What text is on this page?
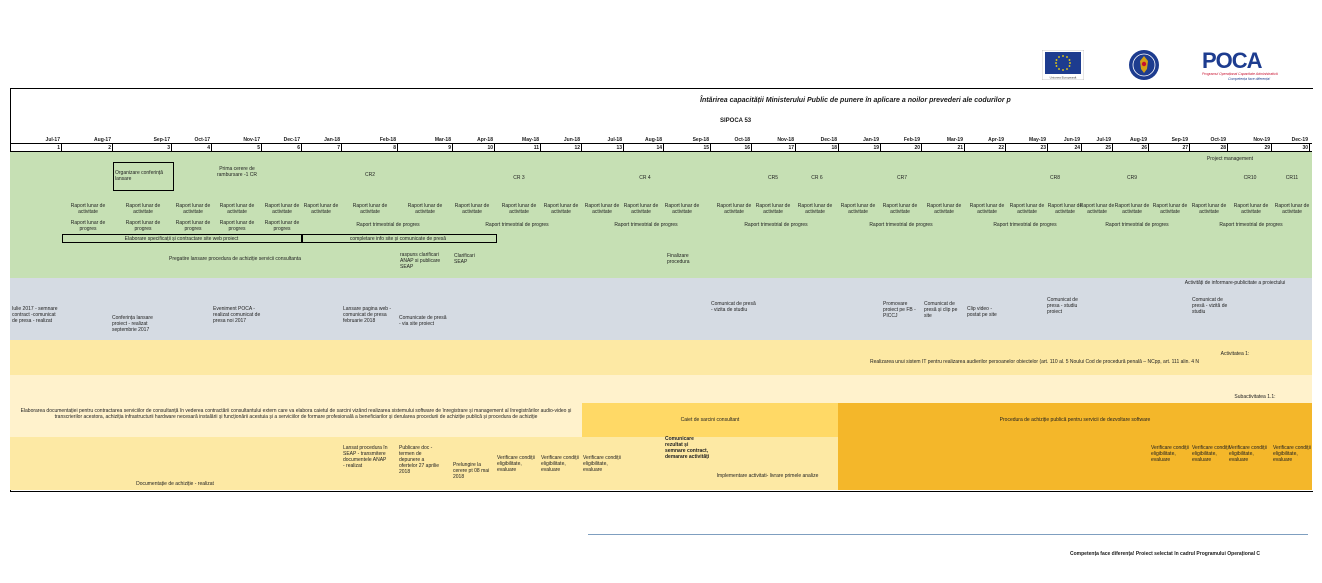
Uniunea Europeană
POCA
Programul Operațional Capacitate Administrativă
Competența face diferența!
Întărirea capacității Ministerului Public de punere în aplicare a noilor prevederi ale codurilor p
SIPOCA 53
Project management
Organizare conferință lansare
Prima cerere de rambursare -1 CR
Elaborare specificații și contractare site web proiect	completare info site și comunicate de presă
Pregatire lansare procedura de achiziție servicii consultanta
raspuns clarificari ANAP si publicare SEAP
Clarificari SEAP
Finalizare procedura
Activități de informare-publicitate a proiectului
Activitatea 1:
Realizarea unui sistem IT pentru realizarea audierilor persoanelor obiectelor (art. 110 al. 5 Noului Cod de procedură penală – NCpp, art. 111 alin. 4 N
Subactivitatea 1.1:
Elaborarea documentației pentru contractarea serviciilor de consultanță în vederea contractării consultantului extern care va elabora caietul de sarcini vizând realizarea sistemului software de înregistrare și management al înregistrărilor audio-video și transcrierilor acestora, achiziția infrastructurii hardware necesară instalării și funcționării acestuia și a serviciilor de formare profesională a beneficiarilor și derularea procedurii de achiziție publică și procedura de achiziție	Caiet de sarcini consultant	Procedura de achiziție publică pentru servicii de dezvoltare software
Documentație de achiziție - realizat
Lansat procedura în SEAP - transmitere documentele ANAP - realizat
Publicare doc - termen de depunere a ofertelor 27 aprilie 2018
Prelungire la cerere pt 08 mai 2018
Comunicare rezultat și semnare contract, demarare activități
Implementare activitati- livrare primele analize
Competența face diferența! Proiect selectat în cadrul Programului Operațional C
Jul-17
1
Aug-17
2
Sep-17
3
Oct-17
4
Nov-17
5
Dec-17
6
Jan-18
7
Feb-18
8
Mar-18
9
Apr-18
10
May-18
11
Jun-18
12
Jul-18
13
Aug-18
14
Sep-18
15
Oct-18
16
Nov-18
17
Dec-18
18
Jan-19
19
Feb-19
20
Mar-19
21
Apr-19
22
May-19
23
Jun-19
24
Jul-19
25
Aug-19
26
Sep-19
27
Oct-19
28
Nov-19
29
Dec-19
30
CR2	CR 3	CR 4	CR5	CR 6	CR7	CR8	CR9	CR10	CR11
Raport lunar de activitate
Raport lunar de activitate
Raport lunar de activitate
Raport lunar de activitate
Raport lunar de activitate
Raport lunar de activitate
Raport lunar de activitate
Raport lunar de activitate
Raport lunar de activitate
Raport lunar de activitate
Raport lunar de activitate
Raport lunar de activitate
Raport lunar de activitate
Raport lunar de activitate
Raport lunar de activitate
Raport lunar de activitate
Raport lunar de activitate
Raport lunar de activitate
Raport lunar de activitate
Raport lunar de activitate
Raport lunar de activitate
Raport lunar de activitate
Raport lunar de activitate
Raport lunar de activitate
Raport lunar de activitate
Raport lunar de activitate
Raport lunar de activitate
Raport lunar de activitate
Raport lunar de activitate
Raport lunar de progres
Raport lunar de progres
Raport lunar de progres
Raport lunar de progres
Raport lunar de progres
Raport trimestrial de progres	Raport trimestrial de progres	Raport trimestrial de progres	Raport trimestrial de progres	Raport trimestrial de progres	Raport trimestrial de progres	Raport trimestrial de progres	Raport trimestrial de progres
Iulie 2017 - semnare contract -comunicat de presa - realizat	Conferința lansare proiect - realizat septembrie 2017
Eveniment POCA -realizat comunicat de presa noi 2017
Lansare pagina web - comunicat de presa februarie 2018	Comunicate de presă - via site proiect
Comunicat de presă - vizita de studiu
Promovare proiect pe FB - PICCJ
Comunicat de presă și clip pe site
Clip video - postat pe site
Comunicat de presa - studiu proiect
Comunicat de presă - vizită de studiu
Verificare condiții eligibilitate, evaluare
Verificare condiții eligibilitate, evaluare
Verificare condiții eligibilitate, evaluare
Verificare condiții eligibilitate, evaluare
Verificare condiții eligibilitate, evaluare
Verificare condiții eligibilitate, evaluare
Verificare condiții eligibilitate, evaluare
